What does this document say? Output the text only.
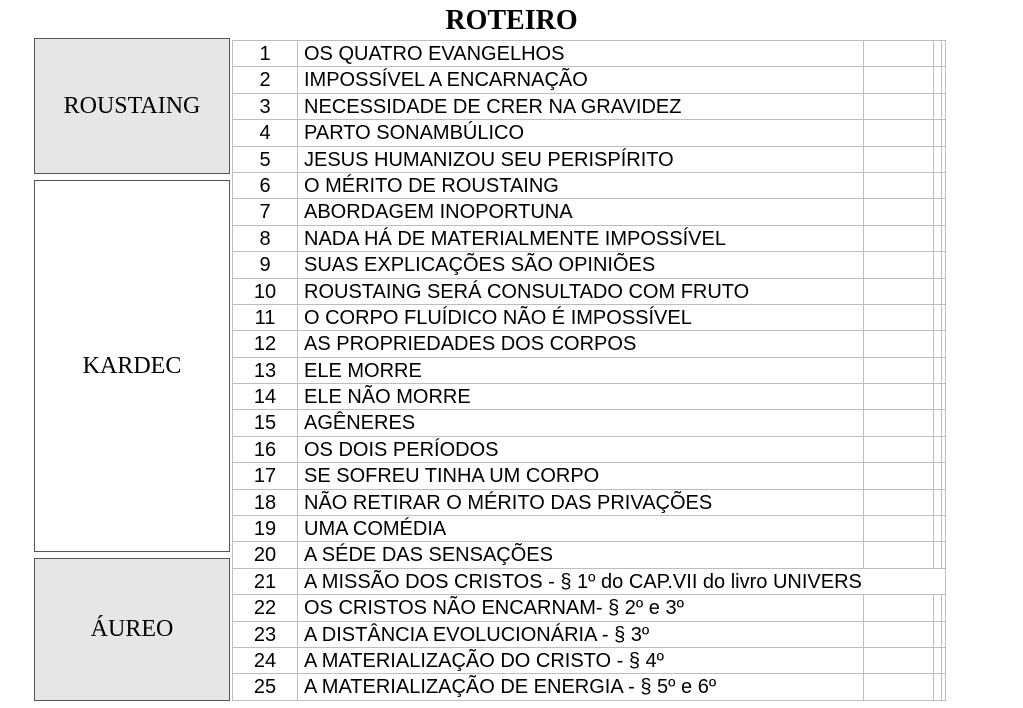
ROTEIRO
ROUSTAING
KARDEC
ÁUREO
1	OS QUATRO EVANGELHOS
2	IMPOSSÍVEL A ENCARNAÇÃO
3	NECESSIDADE DE CRER NA GRAVIDEZ
4	PARTO SONAMBÚLICO
5	JESUS HUMANIZOU SEU PERISPÍRITO
6	O MÉRITO DE ROUSTAING
7	ABORDAGEM INOPORTUNA
8	NADA HÁ DE MATERIALMENTE IMPOSSÍVEL
9	SUAS EXPLICAÇÕES SÃO OPINIÕES
10	ROUSTAING SERÁ CONSULTADO COM FRUTO
11	O CORPO FLUÍDICO NÃO É IMPOSSÍVEL
12	AS PROPRIEDADES DOS CORPOS
13	ELE MORRE
14	ELE NÃO MORRE
15	AGÊNERES
16	OS DOIS PERÍODOS
17	SE SOFREU TINHA UM CORPO
18	NÃO RETIRAR O MÉRITO DAS PRIVAÇÕES
19	UMA COMÉDIA
20	A SÉDE DAS SENSAÇÕES
21	A MISSÃO DOS CRISTOS - § 1º do CAP.VII do livro UNIVERS
22	OS CRISTOS NÃO ENCARNAM- § 2º e 3º
23	A DISTÂNCIA EVOLUCIONÁRIA - § 3º
24	A MATERIALIZAÇÃO DO CRISTO - § 4º
25	A MATERIALIZAÇÃO DE ENERGIA - § 5º e 6º
